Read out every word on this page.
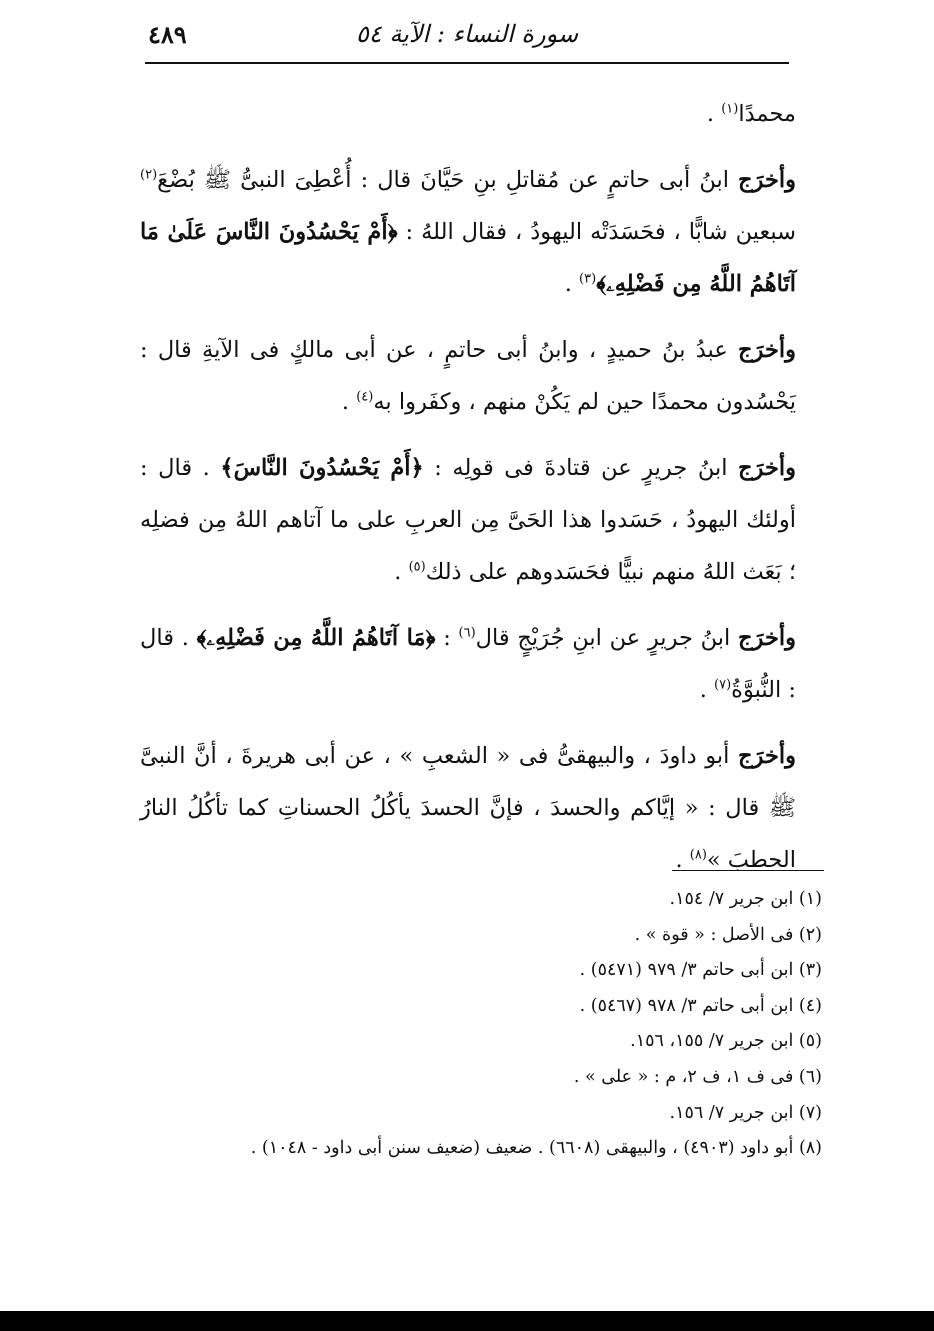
٤٨٩	سورة النساء : الآية ٥٤

محمدًا$^{(١)}$ .

وأخرَج ابنُ أبى حاتمٍ عن مُقاتلِ بنِ حَيَّانَ قال : أُعْطِىَ النبىُّ ﷺ بُضْعَ$^{(٢)}$ سبعين شابًّا ، فحَسَدَتْه اليهودُ ، فقال اللهُ : ﴿أَمْ يَحْسُدُونَ النَّاسَ عَلَىٰ مَا آتَاهُمُ اللَّهُ مِن فَضْلِهِۦ﴾$^{(٣)}$ .

وأخرَج عبدُ بنُ حميدٍ ، وابنُ أبى حاتمٍ ، عن أبى مالكٍ فى الآيةِ قال : يَحْسُدون محمدًا حين لم يَكُنْ منهم ، وكفَروا به$^{(٤)}$ .

وأخرَج ابنُ جريرٍ عن قتادةَ فى قولِه : ﴿أَمْ يَحْسُدُونَ النَّاسَ﴾ . قال : أولئك اليهودُ ، حَسَدوا هذا الحَىَّ مِن العربِ على ما آتاهم اللهُ مِن فضلِه ؛ بَعَث اللهُ منهم نبيًّا فحَسَدوهم على ذلك$^{(٥)}$ .

وأخرَج ابنُ جريرٍ عن ابنِ جُرَيْجٍ قال$^{(٦)}$ : ﴿مَا آتَاهُمُ اللَّهُ مِن فَضْلِهِۦ﴾ . قال : النُّبوَّةُ$^{(٧)}$ .

وأخرَج أبو داودَ ، والبيهقىُّ فى « الشعبِ » ، عن أبى هريرةَ ، أنَّ النبىَّ ﷺ قال : « إيَّاكم والحسدَ ، فإنَّ الحسدَ يأكُلُ الحسناتِ كما تأكُلُ النارُ الحطبَ »$^{(٨)}$ .

(١) ابن جرير ٧/ ١٥٤.
(٢) فى الأصل : « قوة » .
(٣) ابن أبى حاتم ٣/ ٩٧٩ (٥٤٧١) .
(٤) ابن أبى حاتم ٣/ ٩٧٨ (٥٤٦٧) .
(٥) ابن جرير ٧/ ١٥٥، ١٥٦.
(٦) فى ف ١، ف ٢، م : « على » .
(٧) ابن جرير ٧/ ١٥٦.
(٨) أبو داود (٤٩٠٣) ، والبيهقى (٦٦٠٨) . ضعيف (ضعيف سنن أبى داود - ١٠٤٨) .
